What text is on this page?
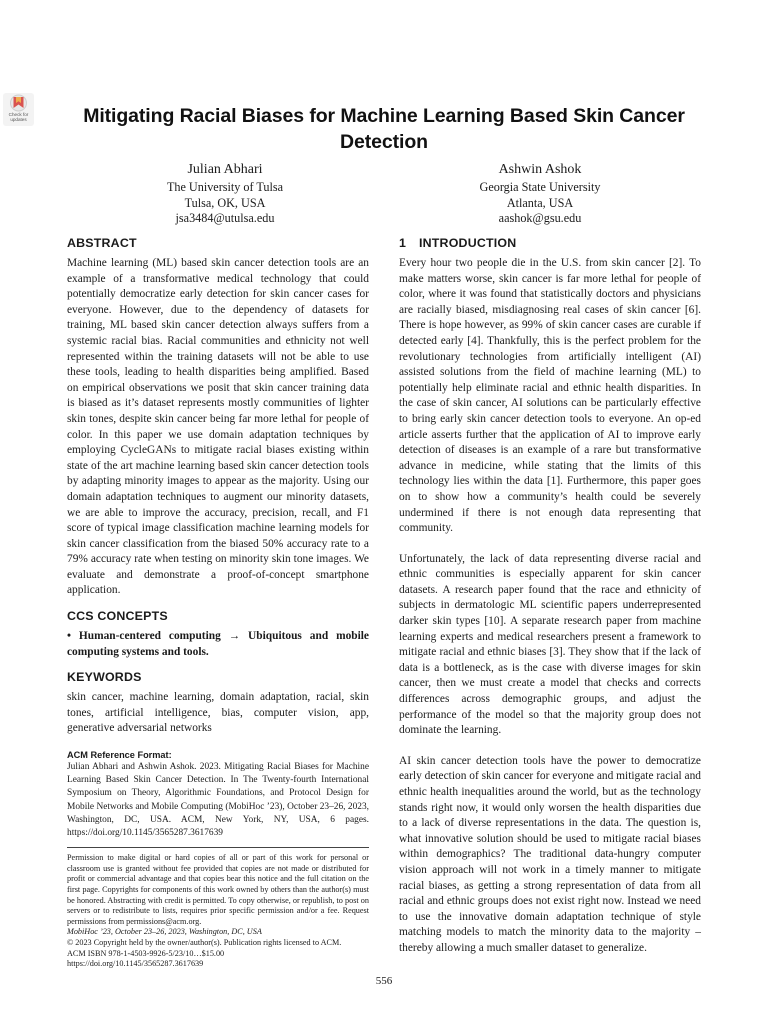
Check for updates	Mitigating Racial Biases for Machine Learning Based Skin Cancer Detection
Julian Abhari
The University of Tulsa
Tulsa, OK, USA
jsa3484@utulsa.edu
Ashwin Ashok
Georgia State University
Atlanta, USA
aashok@gsu.edu
ABSTRACT

Machine learning (ML) based skin cancer detection tools are an example of a transformative medical technology that could potentially democratize early detection for skin cancer cases for everyone. However, due to the dependency of datasets for training, ML based skin cancer detection always suffers from a systemic racial bias. Racial communities and ethnicity not well represented within the training datasets will not be able to use these tools, leading to health disparities being amplified. Based on empirical observations we posit that skin cancer training data is biased as it’s dataset represents mostly communities of lighter skin tones, despite skin cancer being far more lethal for people of color. In this paper we use domain adaptation techniques by employing CycleGANs to mitigate racial biases existing within state of the art machine learning based skin cancer detection tools by adapting minority images to appear as the majority. Using our domain adaptation techniques to augment our minority datasets, we are able to improve the accuracy, precision, recall, and F1 score of typical image classification machine learning models for skin cancer classification from the biased 50% accuracy rate to a 79% accuracy rate when testing on minority skin tone images. We evaluate and demonstrate a proof-of-concept smartphone application.

CCS CONCEPTS

• Human-centered computing → Ubiquitous and mobile computing systems and tools.

KEYWORDS

skin cancer, machine learning, domain adaptation, racial, skin tones, artificial intelligence, bias, computer vision, app, generative adversarial networks

ACM Reference Format:
Julian Abhari and Ashwin Ashok. 2023. Mitigating Racial Biases for Machine Learning Based Skin Cancer Detection. In The Twenty-fourth International Symposium on Theory, Algorithmic Foundations, and Protocol Design for Mobile Networks and Mobile Computing (MobiHoc ’23), October 23–26, 2023, Washington, DC, USA. ACM, New York, NY, USA, 6 pages. https://doi.org/10.1145/3565287.3617639
Permission to make digital or hard copies of all or part of this work for personal or classroom use is granted without fee provided that copies are not made or distributed for profit or commercial advantage and that copies bear this notice and the full citation on the first page. Copyrights for components of this work owned by others than the author(s) must be honored. Abstracting with credit is permitted. To copy otherwise, or republish, to post on servers or to redistribute to lists, requires prior specific permission and/or a fee. Request permissions from permissions@acm.org.
MobiHoc ’23, October 23–26, 2023, Washington, DC, USA
© 2023 Copyright held by the owner/author(s). Publication rights licensed to ACM.
ACM ISBN 978-1-4503-9926-5/23/10…$15.00
https://doi.org/10.1145/3565287.3617639
1 INTRODUCTION

Every hour two people die in the U.S. from skin cancer [2]. To make matters worse, skin cancer is far more lethal for people of color, where it was found that statistically doctors and physicians are racially biased, misdiagnosing real cases of skin cancer [6]. There is hope however, as 99% of skin cancer cases are curable if detected early [4]. Thankfully, this is the perfect problem for the revolutionary technologies from artificially intelligent (AI) assisted solutions from the field of machine learning (ML) to potentially help eliminate racial and ethnic health disparities. In the case of skin cancer, AI solutions can be particularly effective to bring early skin cancer detection tools to everyone. An op-ed article asserts further that the application of AI to improve early detection of diseases is an example of a rare but transformative advance in medicine, while stating that the limits of this technology lies within the data [1]. Furthermore, this paper goes on to show how a community’s health could be severely undermined if there is not enough data representing that community.

Unfortunately, the lack of data representing diverse racial and ethnic communities is especially apparent for skin cancer datasets. A research paper found that the race and ethnicity of subjects in dermatologic ML scientific papers underrepresented darker skin types [10]. A separate research paper from machine learning experts and medical researchers present a framework to mitigate racial and ethnic biases [3]. They show that if the lack of data is a bottleneck, as is the case with diverse images for skin cancer, then we must create a model that checks and corrects differences across demographic groups, and adjust the performance of the model so that the majority group does not dominate the learning.

AI skin cancer detection tools have the power to democratize early detection of skin cancer for everyone and mitigate racial and ethnic health inequalities around the world, but as the technology stands right now, it would only worsen the health disparities due to a lack of diverse representations in the data. The question is, what innovative solution should be used to mitigate racial biases within demographics? The traditional data-hungry computer vision approach will not work in a timely manner to mitigate racial biases, as getting a strong representation of data from all racial and ethnic groups does not exist right now. Instead we need to use the innovative domain adaptation technique of style matching models to match the minority data to the majority – thereby allowing a much smaller dataset to generalize.

556
